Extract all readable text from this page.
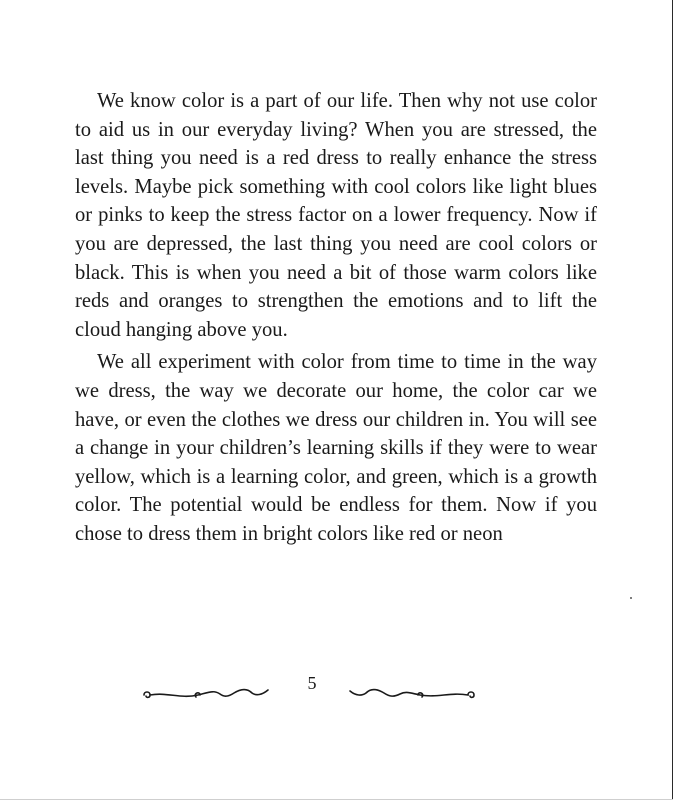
We know color is a part of our life. Then why not use color to aid us in our everyday living? When you are stressed, the last thing you need is a red dress to really enhance the stress levels. Maybe pick something with cool colors like light blues or pinks to keep the stress factor on a lower frequency. Now if you are depressed, the last thing you need are cool colors or black. This is when you need a bit of those warm colors like reds and oranges to strengthen the emotions and to lift the cloud hanging above you.

We all experiment with color from time to time in the way we dress, the way we decorate our home, the color car we have, or even the clothes we dress our children in. You will see a change in your children’s learning skills if they were to wear yellow, which is a learning color, and green, which is a growth color. The potential would be endless for them. Now if you chose to dress them in bright colors like red or neon

5
